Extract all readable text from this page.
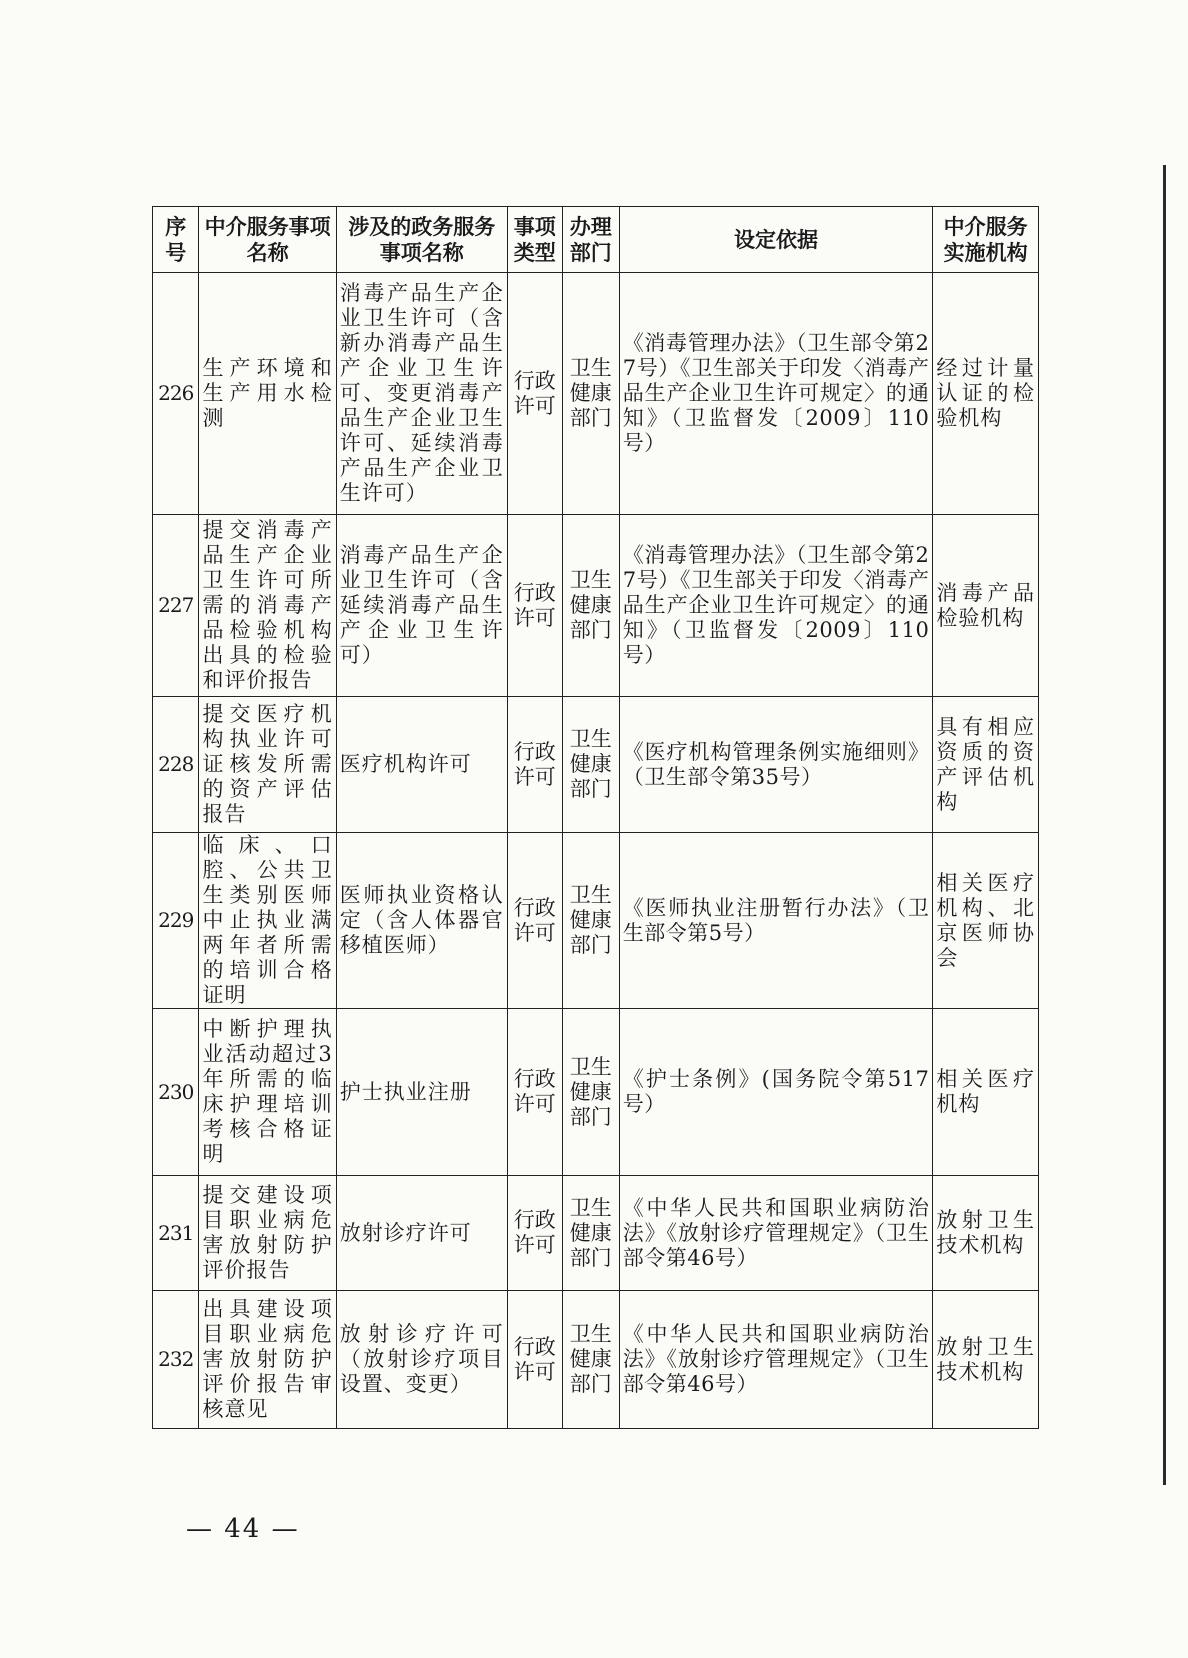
序号	中介服务事项名称	涉及的政务服务事项名称	事项类型	办理部门	设定依据	中介服务实施机构
226	生产环境和生产用水检测	消毒产品生产企业卫生许可（含新办消毒产品生产企业卫生许可、变更消毒产品生产企业卫生许可、延续消毒产品生产企业卫生许可）	行政许可	卫生健康部门	《消毒管理办法》（卫生部令第27号）《卫生部关于印发〈消毒产品生产企业卫生许可规定〉的通知》（卫监督发〔2009〕110号）	经过计量认证的检验机构
227	提交消毒产品生产企业卫生许可所需的消毒产品检验机构出具的检验和评价报告	消毒产品生产企业卫生许可（含延续消毒产品生产企业卫生许可）	行政许可	卫生健康部门	《消毒管理办法》（卫生部令第27号）《卫生部关于印发〈消毒产品生产企业卫生许可规定〉的通知》（卫监督发〔2009〕110号）	消毒产品检验机构
228	提交医疗机构执业许可证核发所需的资产评估报告	医疗机构许可	行政许可	卫生健康部门	《医疗机构管理条例实施细则》（卫生部令第35号）	具有相应资质的资产评估机构
229	临床、口腔、公共卫生类别医师中止执业满两年者所需的培训合格证明	医师执业资格认定（含人体器官移植医师）	行政许可	卫生健康部门	《医师执业注册暂行办法》（卫生部令第5号）	相关医疗机构、北京医师协会
230	中断护理执业活动超过3年所需的临床护理培训考核合格证明	护士执业注册	行政许可	卫生健康部门	《护士条例》(国务院令第517号）	相关医疗机构
231	提交建设项目职业病危害放射防护评价报告	放射诊疗许可	行政许可	卫生健康部门	《中华人民共和国职业病防治法》《放射诊疗管理规定》（卫生部令第46号）	放射卫生技术机构
232	出具建设项目职业病危害放射防护评价报告审核意见	放射诊疗许可（放射诊疗项目设置、变更）	行政许可	卫生健康部门	《中华人民共和国职业病防治法》《放射诊疗管理规定》（卫生部令第46号）	放射卫生技术机构
— 44 —
